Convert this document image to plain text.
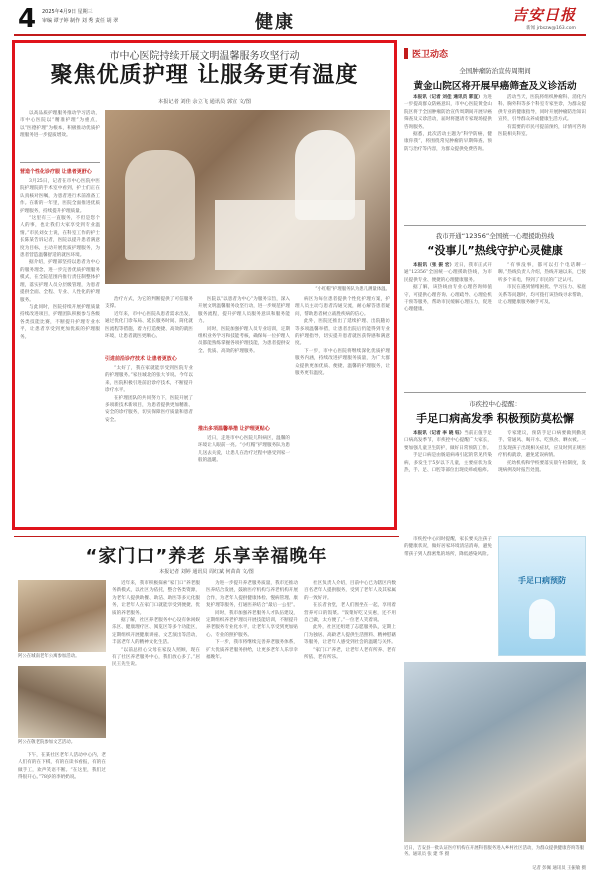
4 2025年4月9日 星期三
审编 谭子婷 制作 刘 秀 责任 胡 翠	健康	吉安日报
新闻 jrbszw@163.com
市中心医院持续开展文明温馨服务攻坚行动
聚焦优质护理 让服务更有温度
本报记者 刘佳 余立飞 通讯员 郭宣 文/图

以高品质护理服务推动学习活动，市中心医院以“精准护理”为重点，以“医德护理”为根本，积极推动优质护理服务进一步提质增效。

营造个性化诊疗服 让患者更舒心

3月25日，记者在市中心医院中医院护理院的手术室中看到，护士们正在认真核对医嘱，为患者进行术前准备工作。在新的一年里，医院全面推进优质护理服务，持续提升护理质量。

“这里有三一直服务，不但是您个人的事，也让我们大家享受到专业温情。”市民刘女士说，在科室工作的护士长陈某告诉记者，医院以提升患者满意度为目标，主动开展优质护理服务，为患者营造温馨舒适的就医环境。

据介绍，护理部坚持以患者为中心的服务理念，进一步完善优质护理服务模式，在全院范围内推行责任制整体护理，落实护理人员分层级管理，为患者提供全面、全程、专业、人性化的护理服务。

与此同时，医院持续开展护理质量持续改进项目，护理团队积极参与各级各类技能比赛，不断提升护理专业水平，让患者享受到更加优质的护理服务。

“小红帽”护理服务队为患儿测量体温。

治疗方式，为它的判断提供了可信服务支撑。

近年来，市中心医院从患者需求出发，通过优化门诊布局、延长服务时间、简化就医流程等措施，着力打造便捷、高效的就医环境，让患者就医更顺心。

引进前沿诊疗技术 让患者更放心

“太好了，我在家就能享受到医院专业的护理服务。”家住城北的张大爷说。今年以来，医院积极引进前沿诊疗技术，不断提升诊疗水平。

在护理团队的共同努力下，医院开展了多项新技术新项目，为患者提供更加精准、安全的诊疗服务，切实保障医疗质量和患者安全。

医院以“以患者为中心”为服务宗旨，深入开展文明温馨服务攻坚行动，进一步规范护理服务流程，提升护理人员服务意识和服务能力。

同时，医院加强护理人员专业培训，定期组织业务学习和技能考核，确保每一位护理人员都能熟练掌握各项护理技能，为患者提供安全、优质、高效的护理服务。

推出多项温馨举措 让护理更贴心

近日，走进市中心医院儿科病区，温馨的环境让人眼前一亮。“小红帽”护理服务队为患儿送去关爱，让患儿在治疗过程中感受到家一般的温暖。

病区为每位患者提供个性化护理方案，护理人员主动与患者沟通交流，耐心解答患者疑问，帮助患者树立战胜疾病的信心。

此外，医院还推出了延续护理、出院随访等多项温馨举措，让患者出院后仍能得到专业的护理指导，切实提升患者就医获得感和满意度。

下一步，市中心医院将继续深化优质护理服务内涵，持续改进护理服务质量，为广大群众提供更加优质、便捷、温馨的护理服务，让服务更有温度。

医卫动态
全国肿瘤防治宣传周期间
黄金山院区将开展早癌筛查及义诊活动

本报讯（记者 刘佳 通讯员 郭宣）为进一步提高群众防癌意识，市中心医院黄金山院区将于全国肿瘤防治宣传周期间开展早癌筛查及义诊活动，届时将邀请专家现场提供咨询服务。

据悉，此次活动主题为“科学防癌，健康你我”，将围绕常见肿瘤的早期筛查、预防与治疗等内容，为群众提供免费咨询。

活动当天，医院将组织肿瘤科、消化内科、胸外科等多个科室专家坐诊，为群众提供专业的健康指导，同时开展肿瘤防治知识宣传，引导群众养成健康生活方式。

有需要的市民可提前预约，详情可咨询医院相关科室。

我市开通“12356”全国统一心理援助热线
“没事儿”热线守护心灵健康

本报讯（张 振 宏）近日，我市正式开通“12356”全国统一心理援助热线，为市民提供专业、便捷的心理健康服务。

据了解，该热线由专业心理咨询师值守，可提供心理咨询、心理疏导、心理危机干预等服务，帮助市民缓解心理压力，促进心理健康。

“有事没事，都可以打个电话聊一聊。”热线负责人介绍，热线开通以来，已接听多个来电，得到了市民的广泛认可。

市民在遇到情绪困扰、学习压力、家庭关系等问题时，均可拨打该热线寻求帮助，让心理健康服务触手可及。

市疾控中心提醒：
手足口病高发季 积极预防莫松懈

本报讯（记者 李 晓 钰）当前正值手足口病高发季节，市疾控中心提醒广大家长，要加强儿童卫生防护，做好日常预防工作。

手足口病是由肠道病毒引起的常见传染病，多发生于5岁以下儿童，主要症状为发热，手、足、口腔等部位出现皮疹或疱疹。

专家建议，预防手足口病要做到勤洗手、常通风、喝开水、吃熟食、晒衣被。一旦发现孩子出现相关症状，应及时到正规医疗机构就诊，避免延误病情。

托幼机构和学校要落实晨午检制度，发现病例及时报告处置。

“家门口”养老 乐享幸福晚年
本报记者 刘婷 通讯员 周红斌 何苗苗 文/图
阿公在城南老年公寓参加活动。
阿公在敬老院参加文艺活动。

下午，在某社区老年人活动中心内，老人们有的在下棋，有的在读书看报，有的在做手工，欢声笑语不断。“在这里，我们过得很开心。”78岁的李奶奶说。

近年来，我市积极探索“家门口”养老服务新模式，以社区为依托，整合各类资源，为老年人提供助餐、助洁、助医等多元化服务，让老年人在家门口就能享受到便捷、优质的养老服务。

据了解，社区养老服务中心设有休闲娱乐区、健康理疗区、阅览区等多个功能区，定期组织开展健康讲座、文艺演出等活动，丰富老年人的精神文化生活。

“以前总担心父母在家没人照顾，现在有了社区养老服务中心，我们放心多了。”居民王先生说。

为进一步提升养老服务质量，我市还推动医养结合发展，鼓励医疗机构与养老机构开展合作，为老年人提供健康体检、慢病管理、康复护理等服务，打通医养结合“最后一公里”。

同时，我市加强养老服务人才队伍建设，定期组织养老护理员开展技能培训，不断提升养老服务专业化水平，让老年人享受到更加贴心、专业的照护服务。

下一步，我市将继续完善养老服务体系，扩大优质养老服务供给，让更多老年人乐享幸福晚年。

社区负责人介绍，目前中心已为辖区内数百名老年人提供服务，受到了老年人及其家属的一致好评。

在长者食堂，老人们围坐在一起，享用着营养可口的饭菜。“饭菜好吃又实惠，还不用自己做，太方便了。”一位老人笑着说。

此外，社区还组建了志愿服务队，定期上门为独居、高龄老人提供生活照料、精神慰藉等服务，让老年人感受到社会的温暖与关怀。

“家门口”养老，让老年人老有所养、老有所依、老有所乐。

市疾控中心同时提醒，家长要关注孩子的健康状况，做好居家环境清洁消毒，避免带孩子到人群密集的场所，降低感染风险。

手足口病预防
近日，吉安县一批认证医疗机构在开展科普服务进入乡村社区活动，为群众提供健康咨询等服务。通讯员 张 建 华 摄
记者 彭佩 通讯员 王振敏 摄
